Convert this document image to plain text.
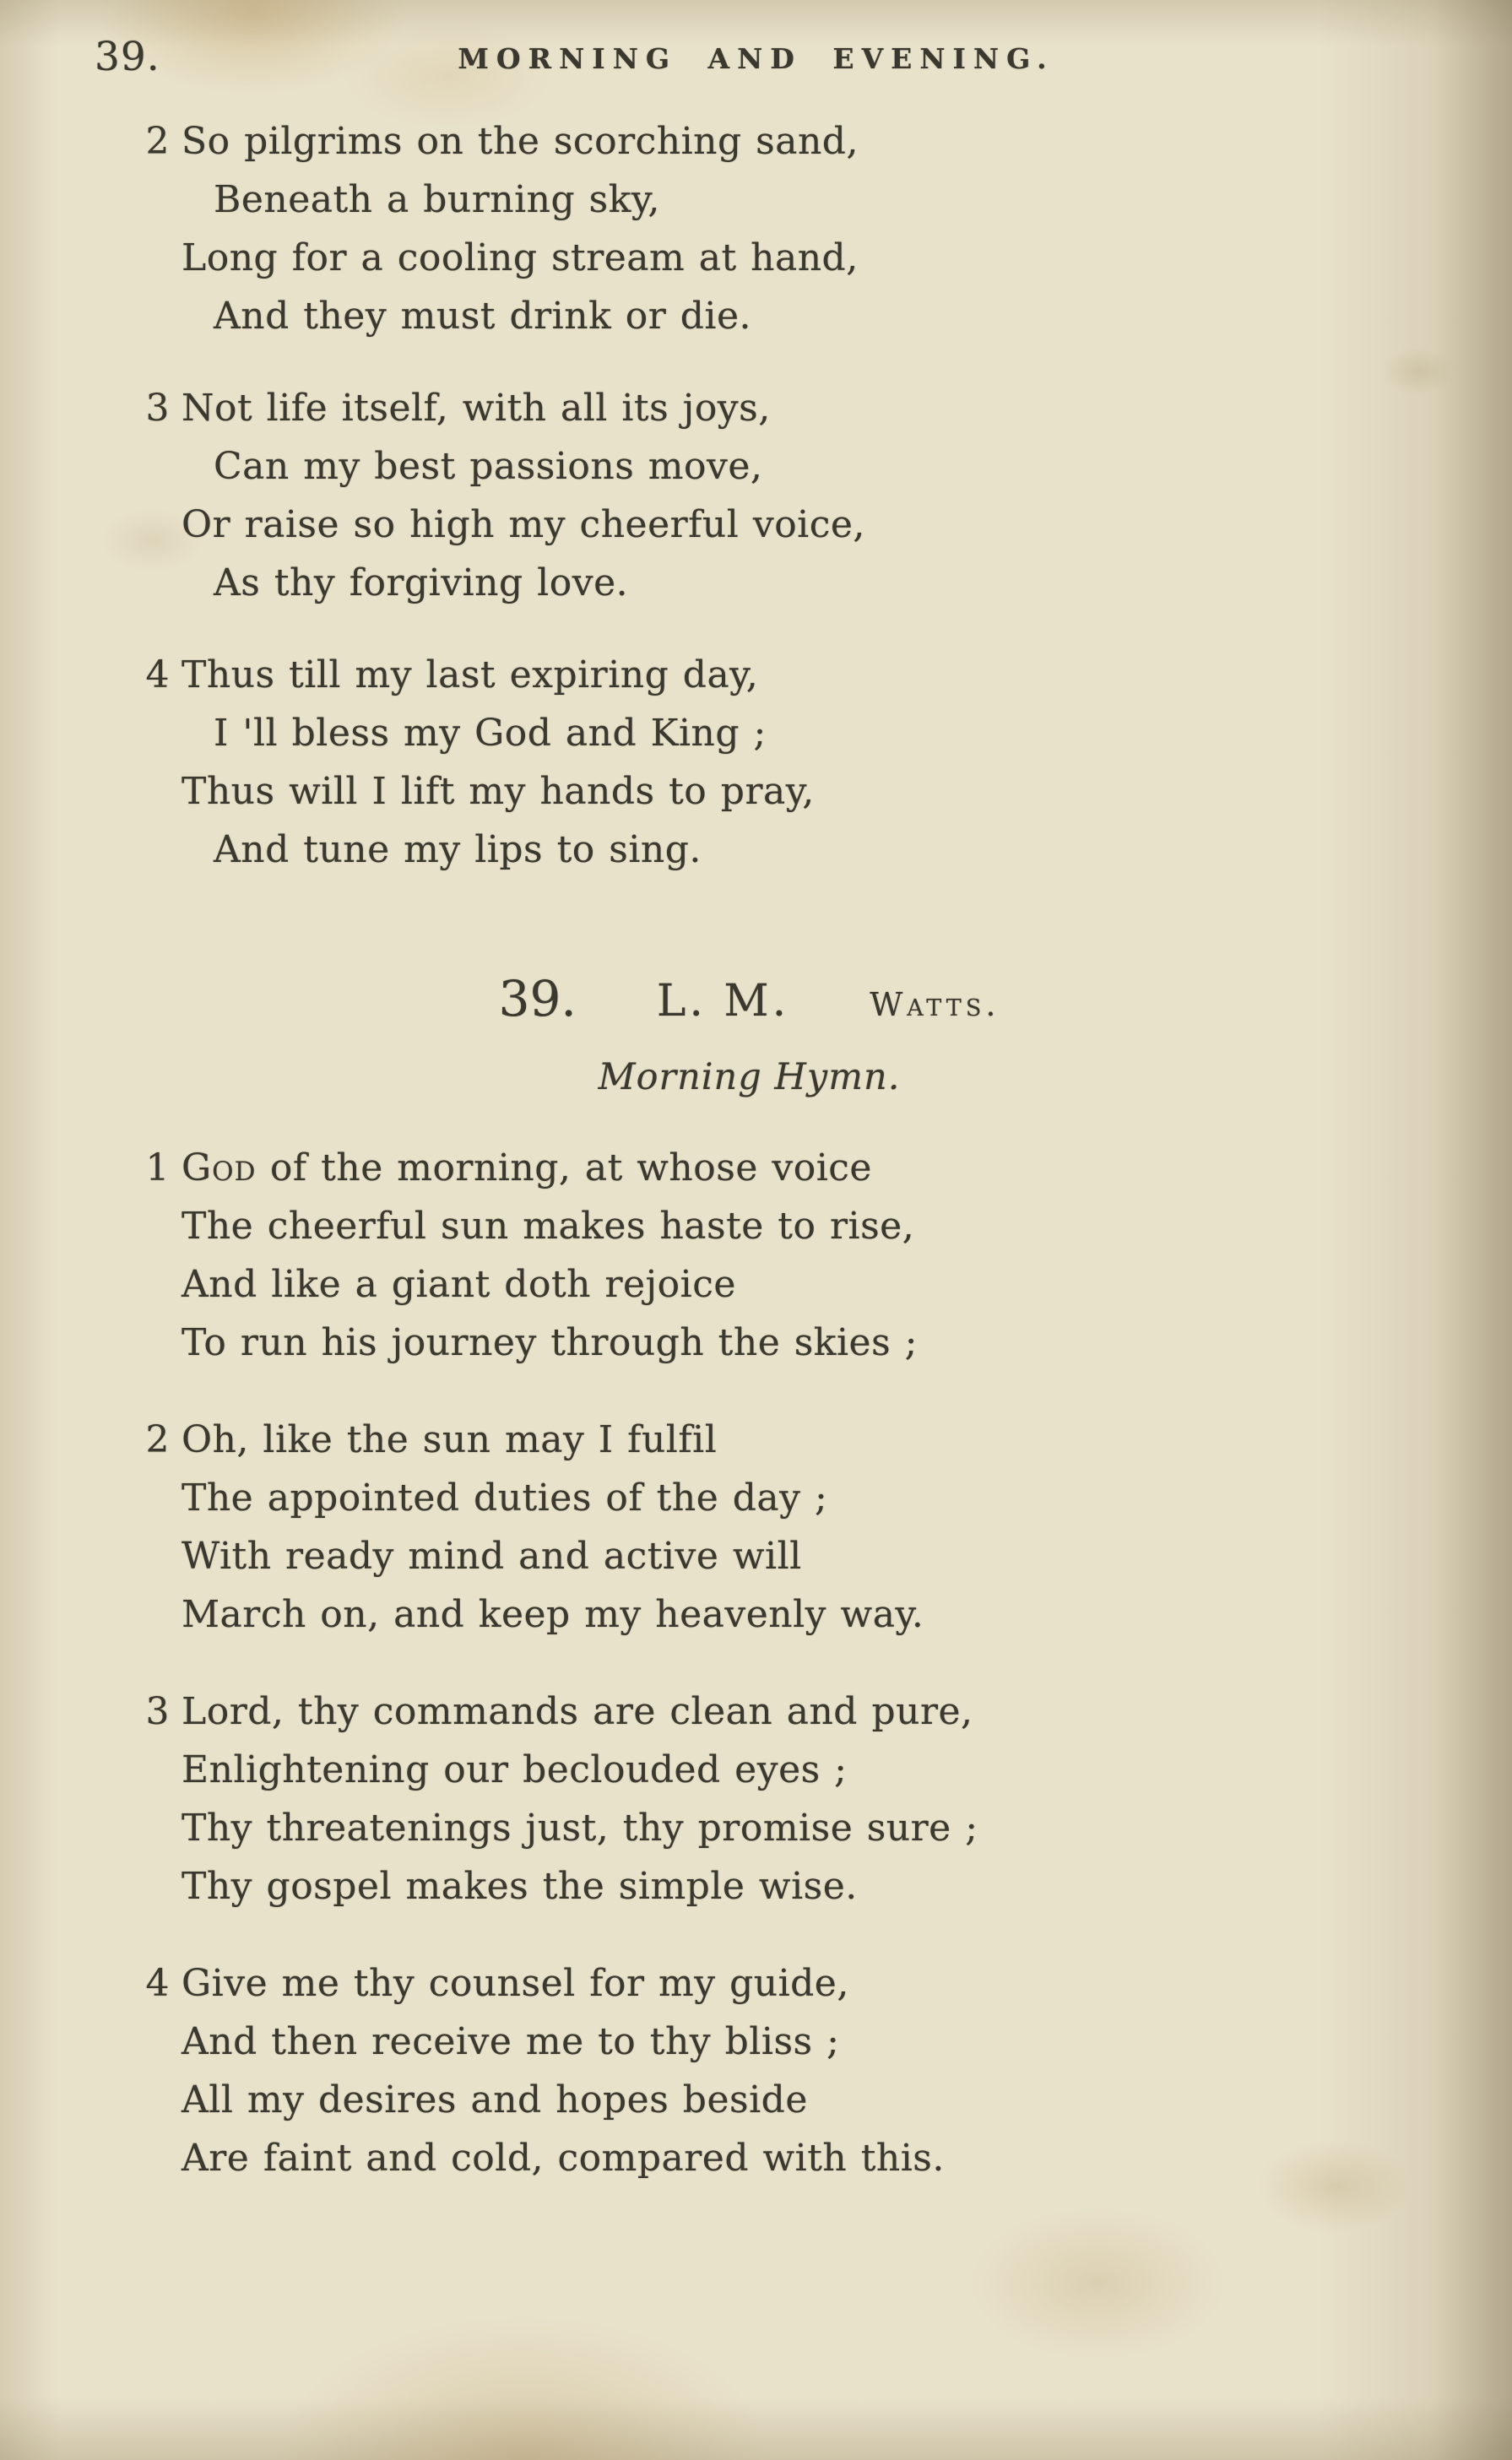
39.	MORNING AND EVENING.
2 So pilgrims on the scorching sand,
Beneath a burning sky,
Long for a cooling stream at hand,
And they must drink or die.
3 Not life itself, with all its joys,
Can my best passions move,
Or raise so high my cheerful voice,
As thy forgiving love.
4 Thus till my last expiring day,
I 'll bless my God and King ;
Thus will I lift my hands to pray,
And tune my lips to sing.
39. L. M.	Watts.
Morning Hymn.
1 God of the morning, at whose voice
The cheerful sun makes haste to rise,
And like a giant doth rejoice
To run his journey through the skies ;
2 Oh, like the sun may I fulfil
The appointed duties of the day ;
With ready mind and active will
March on, and keep my heavenly way.
3 Lord, thy commands are clean and pure,
Enlightening our beclouded eyes ;
Thy threatenings just, thy promise sure ;
Thy gospel makes the simple wise.
4 Give me thy counsel for my guide,
And then receive me to thy bliss ;
All my desires and hopes beside
Are faint and cold, compared with this.
